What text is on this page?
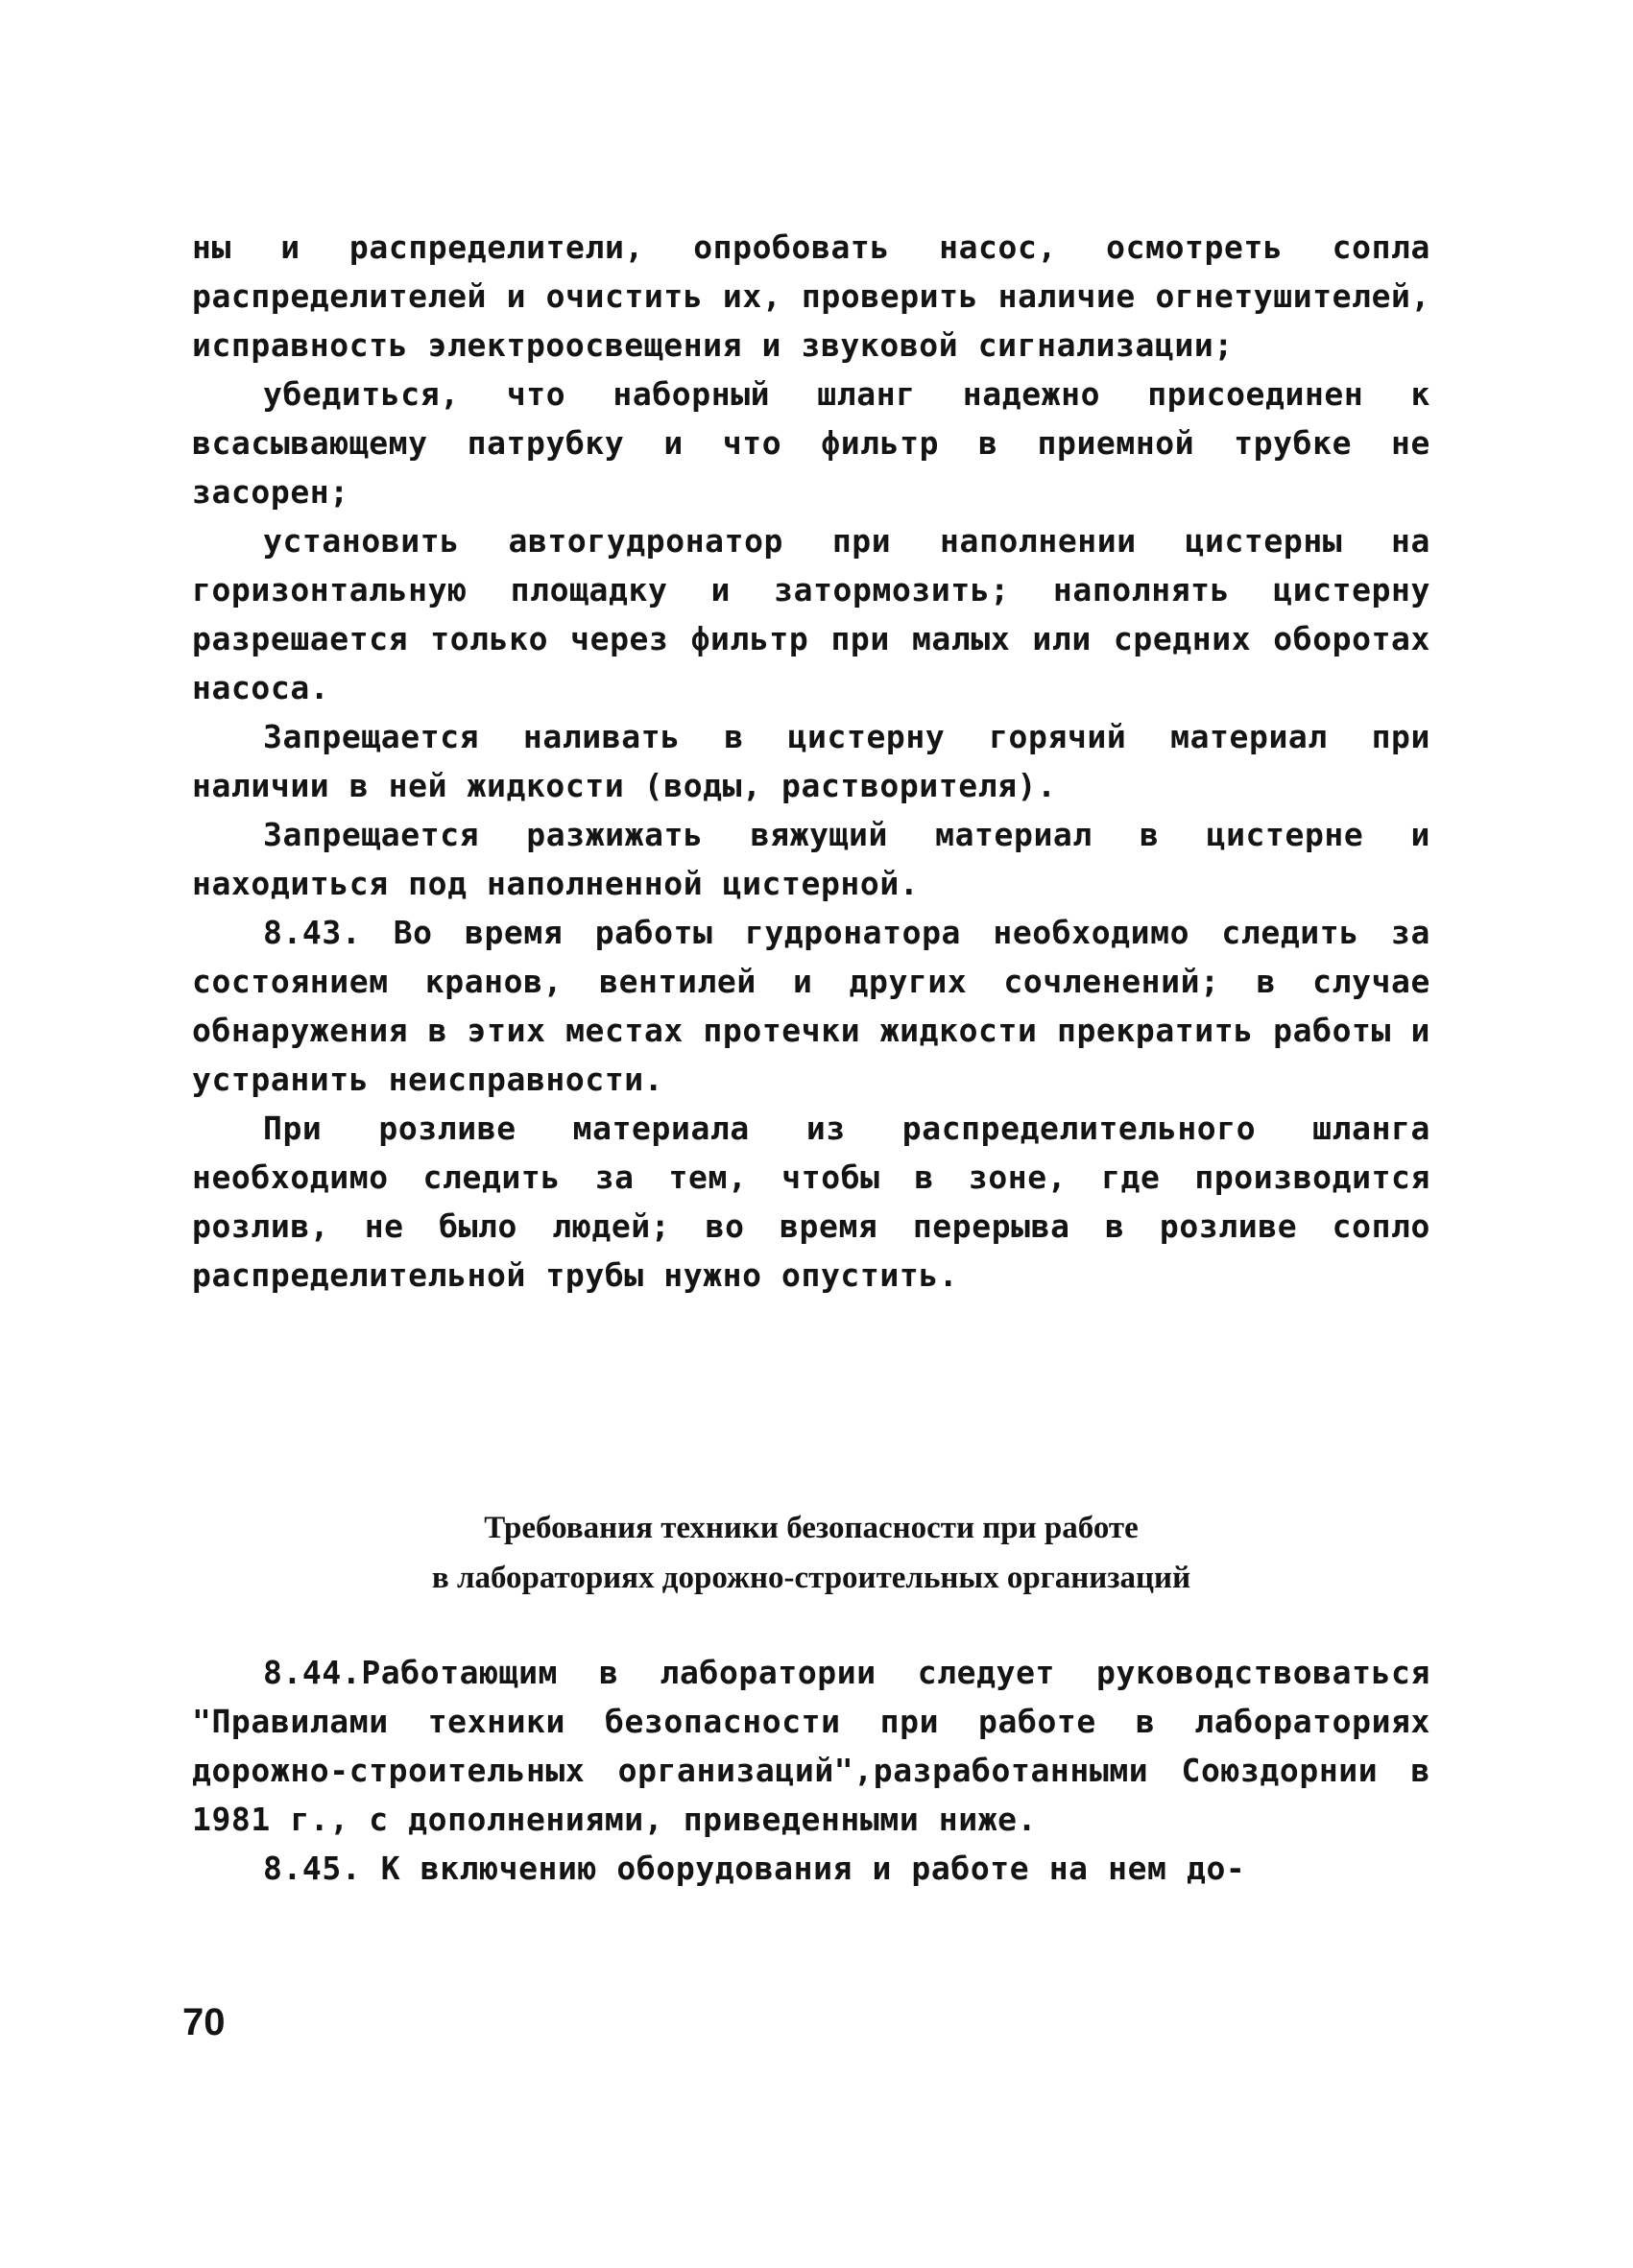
ны и распределители, опробовать насос, осмотреть сопла распределителей и очистить их, проверить наличие огнетушителей, исправность электроосвещения и звуковой сигнализации;

убедиться, что наборный шланг надежно присоединен к всасывающему патрубку и что фильтр в приемной трубке не засорен;

установить автогудронатор при наполнении цистерны на горизонтальную площадку и затормозить; наполнять цистерну разрешается только через фильтр при малых или средних оборотах насоса.

Запрещается наливать в цистерну горячий материал при наличии в ней жидкости (воды, растворителя).

Запрещается разжижать вяжущий материал в цистерне и находиться под наполненной цистерной.

8.43. Во время работы гудронатора необходимо следить за состоянием кранов, вентилей и других сочленений; в случае обнаружения в этих местах протечки жидкости прекратить работы и устранить неисправности.

При розливе материала из распределительного шланга необходимо следить за тем, чтобы в зоне, где производится розлив, не было людей; во время перерыва в розливе сопло распределительной трубы нужно опустить.

Требования техники безопасности при работе
в лабораториях дорожно-строительных организаций

8.44.Работающим в лаборатории следует руководствоваться "Правилами техники безопасности при работе в лабораториях дорожно-строительных организаций",разработанными Союздорнии в 1981 г., с дополнениями, приведенными ниже.

8.45. К включению оборудования и работе на нем до-

70
